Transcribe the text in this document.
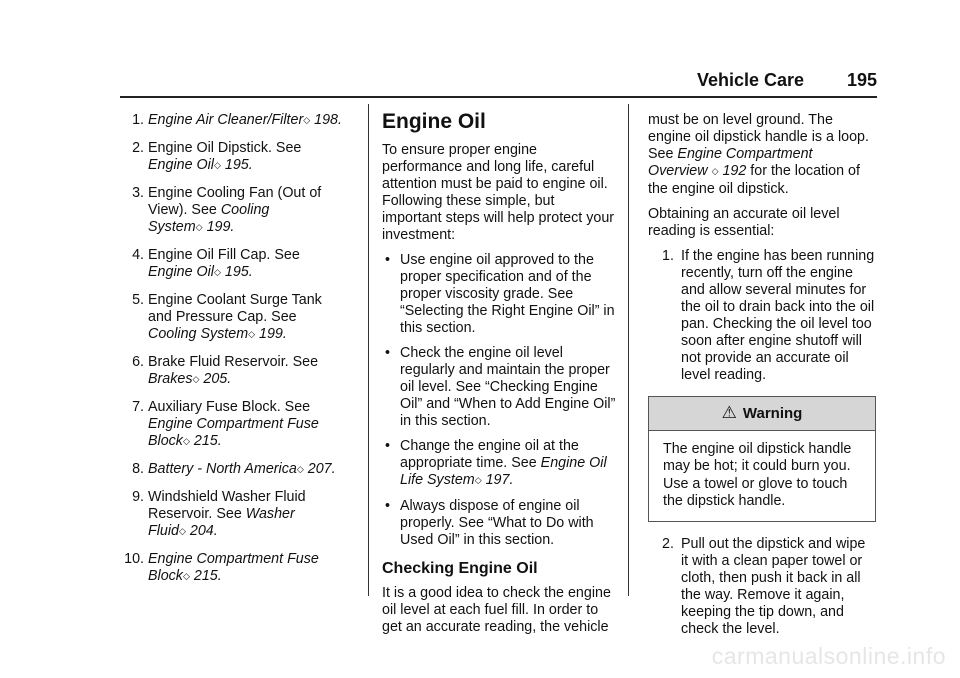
Vehicle Care 195
1. Engine Air Cleaner/Filter◇ 198.
2. Engine Oil Dipstick. See
Engine Oil◇ 195.
3. Engine Cooling Fan (Out of
View). See Cooling
System◇ 199.
4. Engine Oil Fill Cap. See
Engine Oil◇ 195.
5. Engine Coolant Surge Tank
and Pressure Cap. See
Cooling System◇ 199.
6. Brake Fluid Reservoir. See
Brakes◇ 205.
7. Auxiliary Fuse Block. See
Engine Compartment Fuse
Block◇ 215.
8. Battery - North America◇ 207.
9. Windshield Washer Fluid
Reservoir. See Washer
Fluid◇ 204.
10. Engine Compartment Fuse
Block◇ 215.
Engine Oil

To ensure proper engine performance and long life, careful attention must be paid to engine oil. Following these simple, but important steps will help protect your investment:

• Use engine oil approved to the proper specification and of the proper viscosity grade. See “Selecting the Right Engine Oil” in this section.
• Check the engine oil level regularly and maintain the proper oil level. See “Checking Engine Oil” and “When to Add Engine Oil” in this section.
• Change the engine oil at the appropriate time. See Engine Oil Life System◇ 197.
• Always dispose of engine oil properly. See “What to Do with Used Oil” in this section.
Checking Engine Oil

It is a good idea to check the engine oil level at each fuel fill. In order to get an accurate reading, the vehicle

must be on level ground. The engine oil dipstick handle is a loop. See Engine Compartment Overview ◇ 192 for the location of the engine oil dipstick.

Obtaining an accurate oil level reading is essential:

1. If the engine has been running recently, turn off the engine and allow several minutes for the oil to drain back into the oil pan. Checking the oil level too soon after engine shutoff will not provide an accurate oil level reading.
⚠ Warning

The engine oil dipstick handle may be hot; it could burn you.

Use a towel or glove to touch the dipstick handle.

2. Pull out the dipstick and wipe it with a clean paper towel or cloth, then push it back in all the way. Remove it again, keeping the tip down, and check the level.
carmanualsonline.info
